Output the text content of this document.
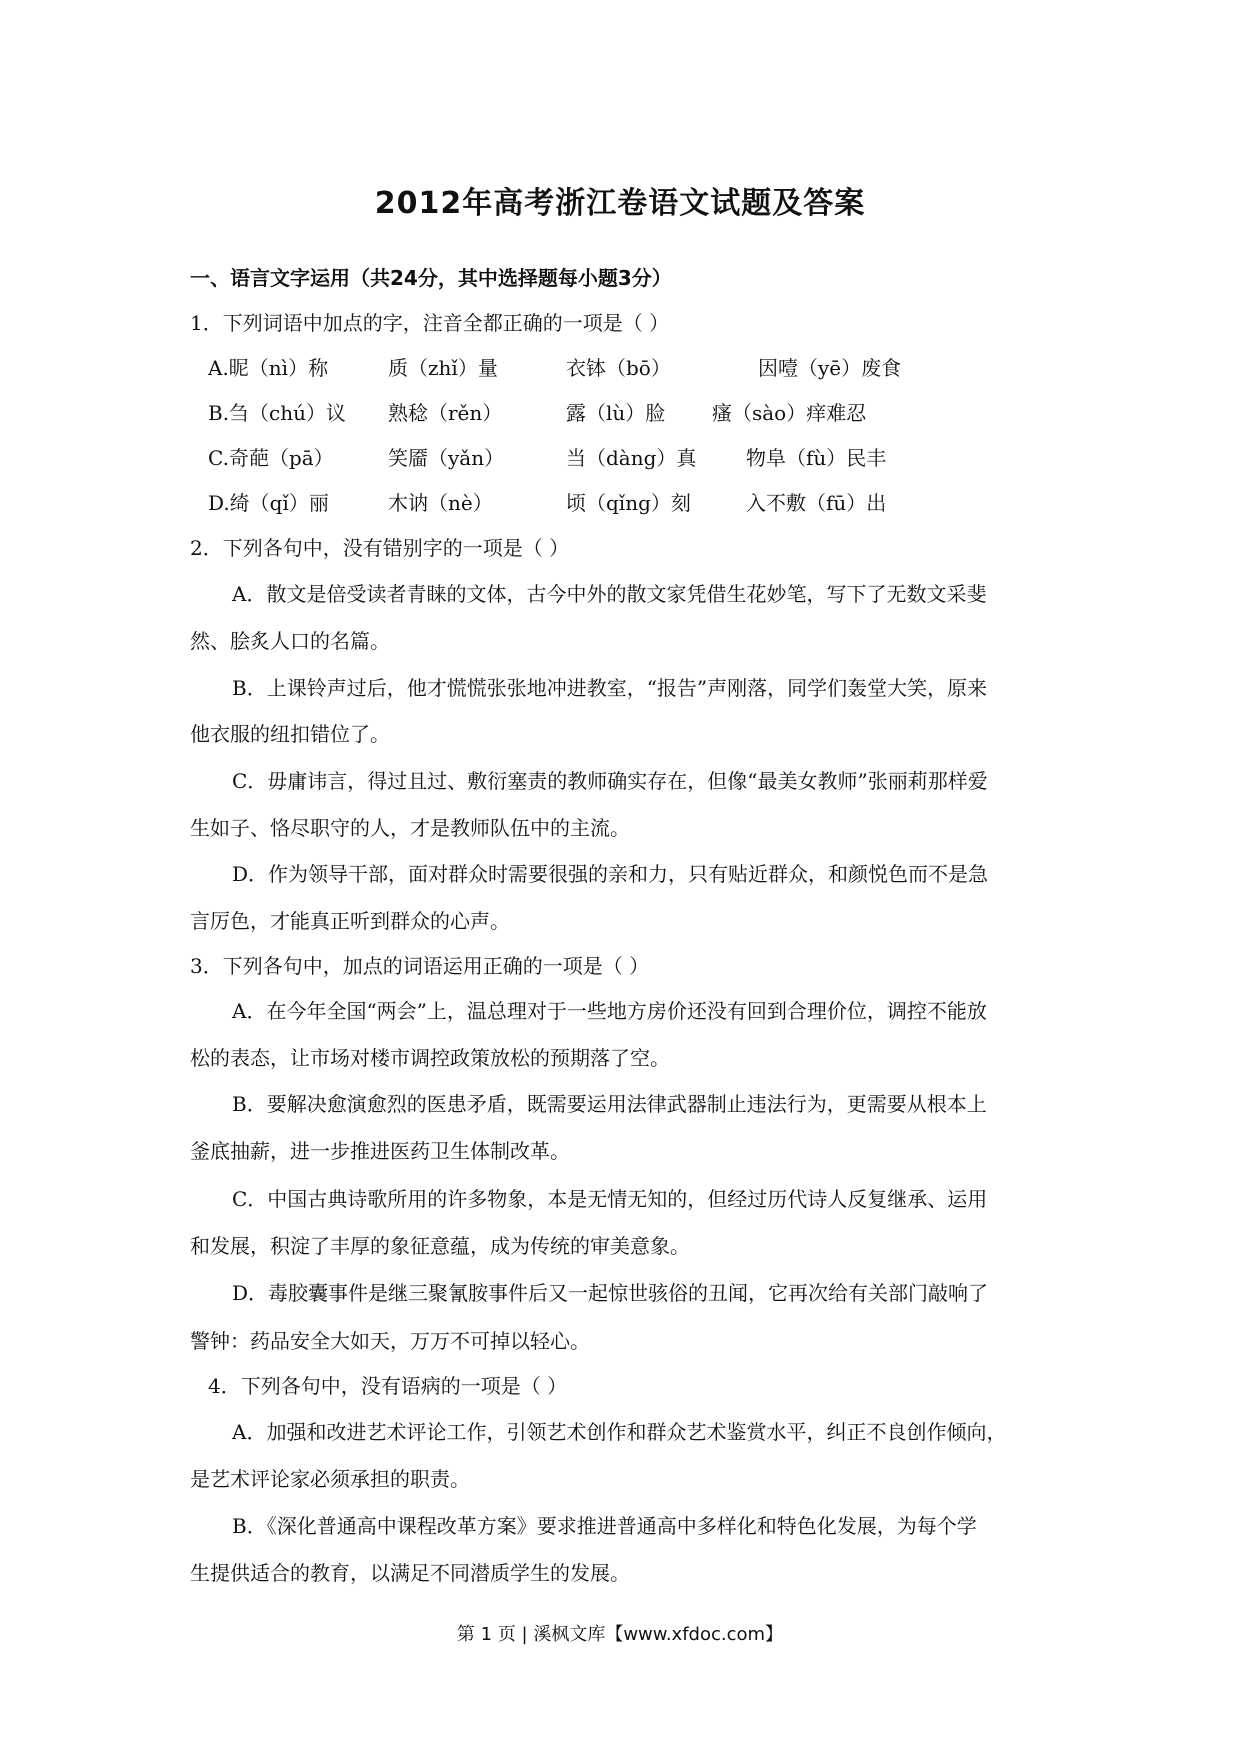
2012年高考浙江卷语文试题及答案
一、语言文字运用（共24分，其中选择题每小题3分）
1．下列词语中加点的字，注音全都正确的一项是（ ）
A.昵（nì）称	质（zhǐ）量	衣钵（bō）	因噎（yē）废食
B.刍（chú）议 熟稔（rěn）	露（lù）脸 瘙（sào）痒难忍
C.奇葩（pā）	笑靥（yǎn）	当（dàng）真 物阜（fù）民丰
D.绮（qǐ）丽	木讷（nè）	顷（qǐng）刻	入不敷（fū）出
2．下列各句中，没有错别字的一项是（ ）
A．散文是倍受读者青睐的文体，古今中外的散文家凭借生花妙笔，写下了无数文采斐
然、脍炙人口的名篇。
B．上课铃声过后，他才慌慌张张地冲进教室，“报告”声刚落，同学们轰堂大笑，原来
他衣服的纽扣错位了。
C．毋庸讳言，得过且过、敷衍塞责的教师确实存在，但像“最美女教师”张丽莉那样爱
生如子、恪尽职守的人，才是教师队伍中的主流。
D．作为领导干部，面对群众时需要很强的亲和力，只有贴近群众，和颜悦色而不是急
言厉色，才能真正听到群众的心声。
3．下列各句中，加点的词语运用正确的一项是（ ）
A．在今年全国“两会”上，温总理对于一些地方房价还没有回到合理价位，调控不能放
松的表态，让市场对楼市调控政策放松的预期落了空。
B．要解决愈演愈烈的医患矛盾，既需要运用法律武器制止违法行为，更需要从根本上
釜底抽薪，进一步推进医药卫生体制改革。
C．中国古典诗歌所用的许多物象，本是无情无知的，但经过历代诗人反复继承、运用
和发展，积淀了丰厚的象征意蕴，成为传统的审美意象。
D．毒胶囊事件是继三聚氰胺事件后又一起惊世骇俗的丑闻，它再次给有关部门敲响了
警钟：药品安全大如天，万万不可掉以轻心。
4．下列各句中，没有语病的一项是（ ）
A．加强和改进艺术评论工作，引领艺术创作和群众艺术鉴赏水平，纠正不良创作倾向，
是艺术评论家必须承担的职责。
B．《深化普通高中课程改革方案》要求推进普通高中多样化和特色化发展，为每个学
生提供适合的教育，以满足不同潜质学生的发展。
第 1 页 | 溪枫文库【www.xfdoc.com】
